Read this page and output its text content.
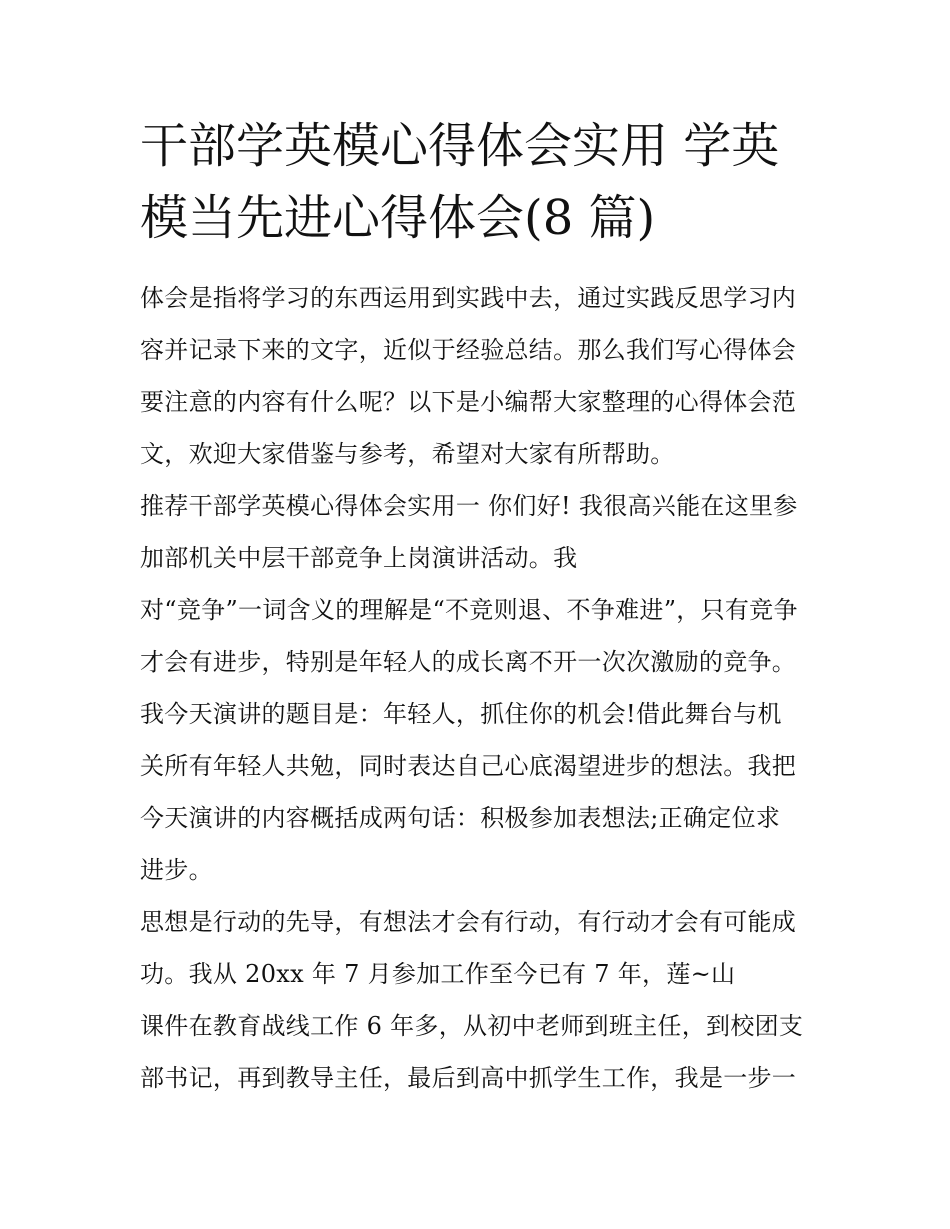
干部学英模心得体会实用 学英
模当先进心得体会(8 篇)
体会是指将学习的东西运用到实践中去，通过实践反思学习内
容并记录下来的文字，近似于经验总结。那么我们写心得体会
要注意的内容有什么呢？以下是小编帮大家整理的心得体会范
文，欢迎大家借鉴与参考，希望对大家有所帮助。
推荐干部学英模心得体会实用一 你们好! 我很高兴能在这里参
加部机关中层干部竞争上岗演讲活动。我
对“竞争”一词含义的理解是“不竞则退、不争难进”，只有竞争
才会有进步，特别是年轻人的成长离不开一次次激励的竞争。
我今天演讲的题目是：年轻人，抓住你的机会!借此舞台与机
关所有年轻人共勉，同时表达自己心底渴望进步的想法。我把
今天演讲的内容概括成两句话：积极参加表想法;正确定位求
进步。
思想是行动的先导，有想法才会有行动，有行动才会有可能成
功。我从 20xx 年 7 月参加工作至今已有 7 年，莲~山
课件在教育战线工作 6 年多，从初中老师到班主任，到校团支
部书记，再到教导主任，最后到高中抓学生工作，我是一步一
